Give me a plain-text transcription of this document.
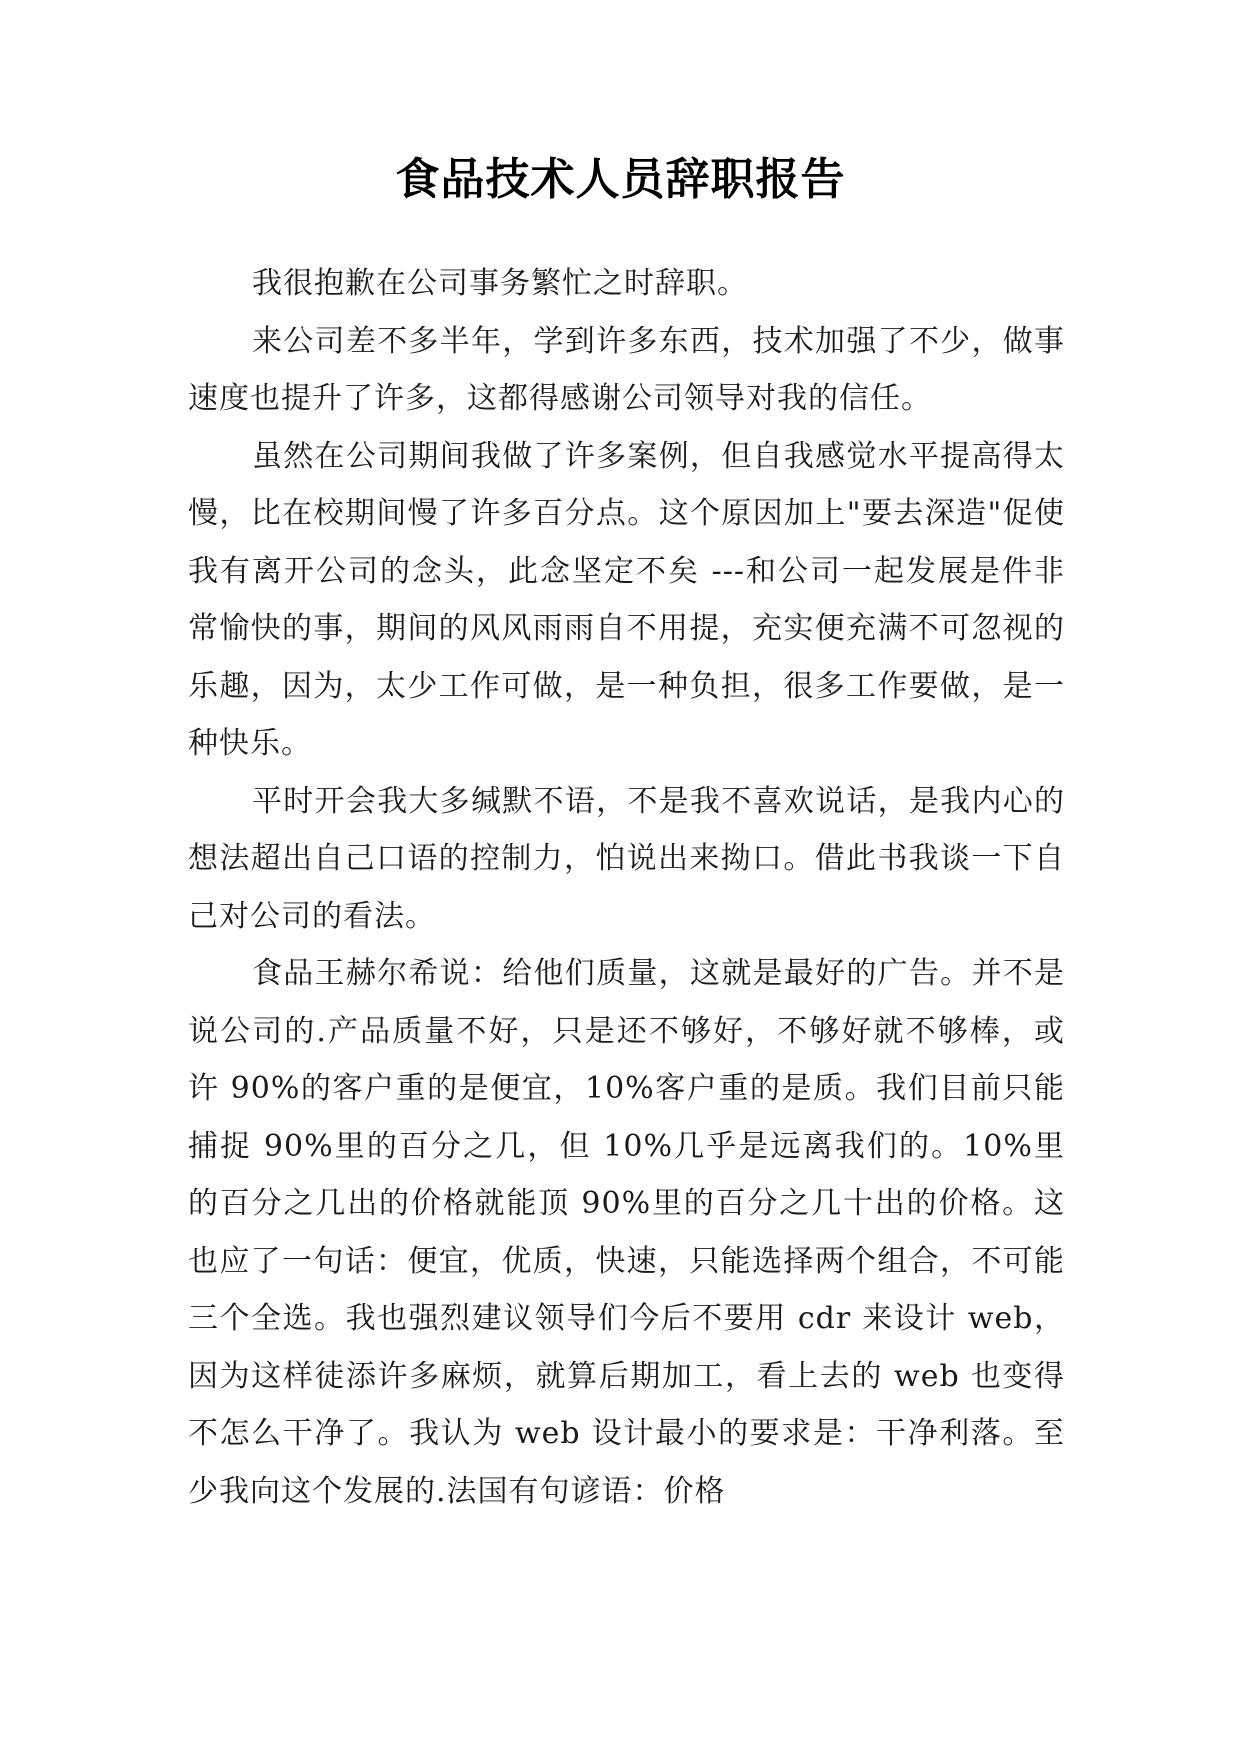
食品技术人员辞职报告

我很抱歉在公司事务繁忙之时辞职。

来公司差不多半年，学到许多东西，技术加强了不少，做事速度也提升了许多，这都得感谢公司领导对我的信任。

虽然在公司期间我做了许多案例，但自我感觉水平提高得太慢，比在校期间慢了许多百分点。这个原因加上"要去深造"促使我有离开公司的念头，此念坚定不矣 ---和公司一起发展是件非常愉快的事，期间的风风雨雨自不用提，充实便充满不可忽视的乐趣，因为，太少工作可做，是一种负担，很多工作要做，是一种快乐。

平时开会我大多缄默不语，不是我不喜欢说话，是我内心的想法超出自己口语的控制力，怕说出来拗口。借此书我谈一下自己对公司的看法。

食品王赫尔希说：给他们质量，这就是最好的广告。并不是说公司的.产品质量不好，只是还不够好，不够好就不够棒，或许 90%的客户重的是便宜，10%客户重的是质。我们目前只能捕捉 90%里的百分之几，但 10%几乎是远离我们的。10%里的百分之几出的价格就能顶 90%里的百分之几十出的价格。这也应了一句话：便宜，优质，快速，只能选择两个组合，不可能三个全选。我也强烈建议领导们今后不要用 cdr 来设计 web，因为这样徒添许多麻烦，就算后期加工，看上去的 web 也变得不怎么干净了。我认为 web 设计最小的要求是：干净利落。至少我向这个发展的.法国有句谚语：价格
